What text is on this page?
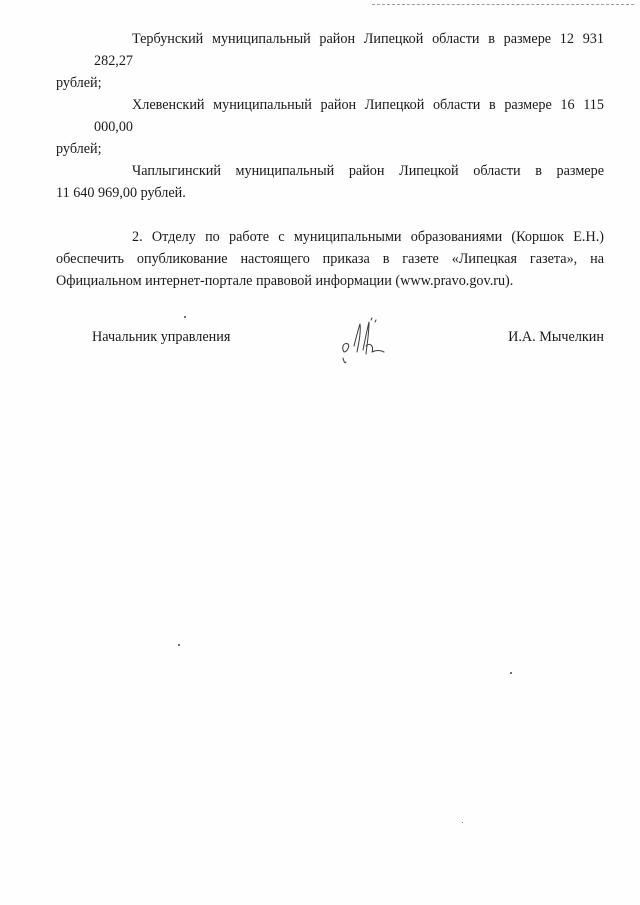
Тербунский муниципальный район Липецкой области в размере 12 931 282,27

рублей;

Хлевенский муниципальный район Липецкой области в размере 16 115 000,00

рублей;

Чаплыгинский муниципальный район Липецкой области в размере

11 640 969,00 рублей.

2. Отделу по работе с муниципальными образованиями (Коршок Е.Н.)

обеспечить опубликование настоящего приказа в газете «Липецкая газета», на

Официальном интернет-портале правовой информации (www.pravo.gov.ru).

Начальник управления	И.А. Мычелкин
